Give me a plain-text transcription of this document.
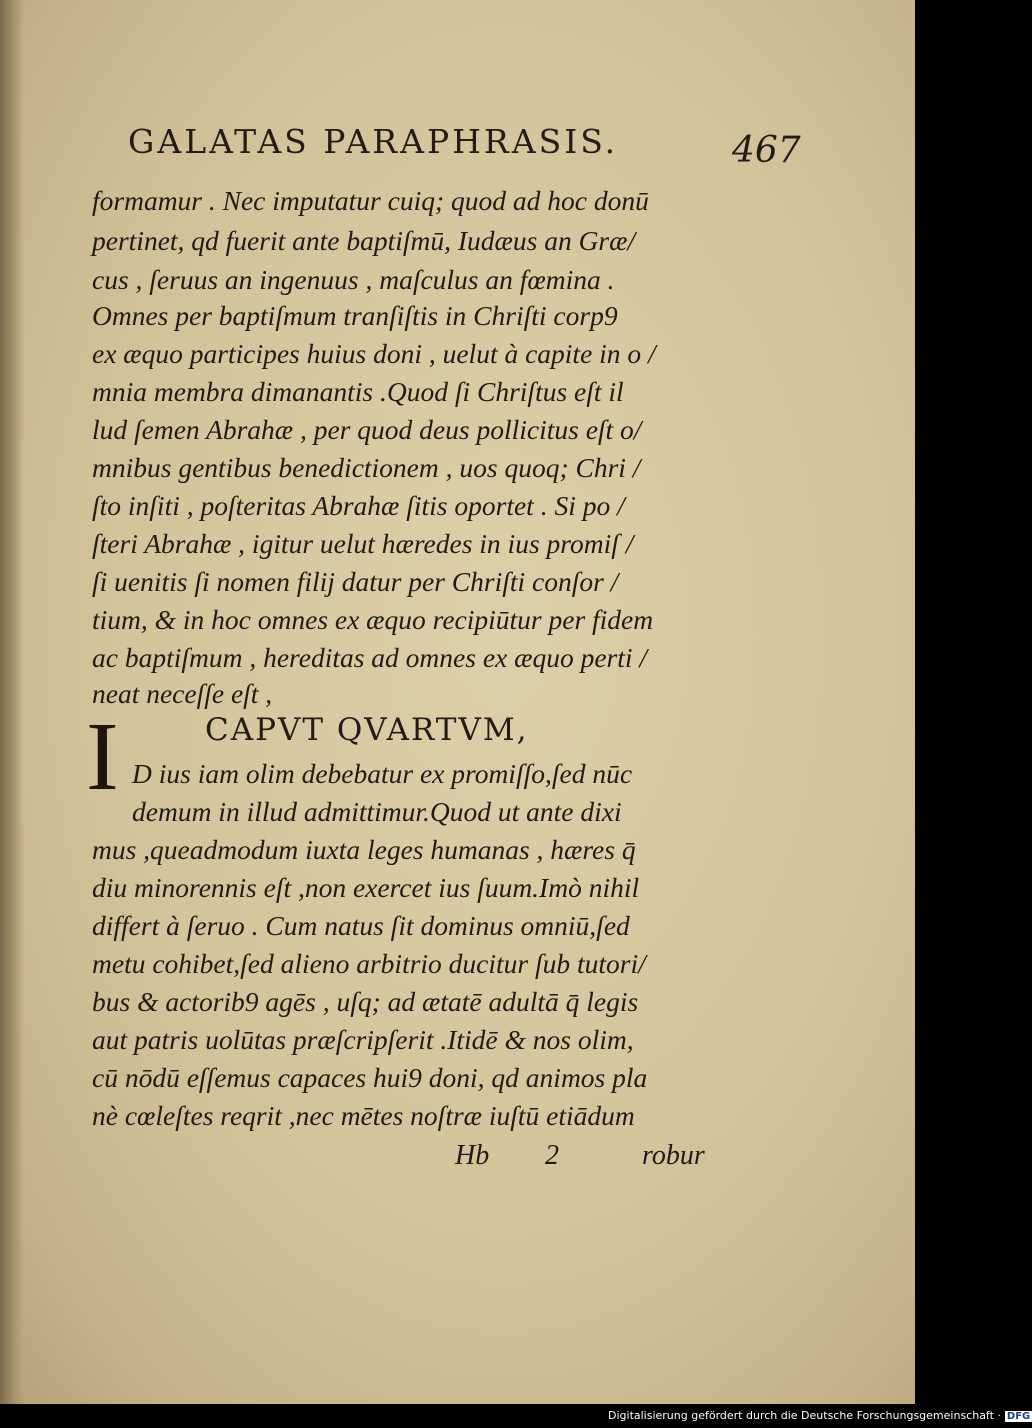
GALATAS PARAPHRASIS.	467
formamur . Nec imputatur cuiq; quod ad hoc donū
pertinet, qd fuerit ante baptiſmū, Iudæus an Græ/
cus , ſeruus an ingenuus , maſculus an fœmina .
Omnes per baptiſmum tranſiſtis in Chriſti corp9
ex æquo participes huius doni , uelut à capite in o /
mnia membra dimanantis .Quod ſi Chriſtus eſt il
lud ſemen Abrahæ , per quod deus pollicitus eſt o/
mnibus gentibus benedictionem , uos quoq; Chri /
ſto inſiti , poſteritas Abrahæ ſitis oportet . Si po /
ſteri Abrahæ , igitur uelut hæredes in ius promiſ /
ſi uenitis ſi nomen filij datur per Chriſti conſor /
tium, & in hoc omnes ex æquo recipiūtur per fidem
ac baptiſmum , hereditas ad omnes ex æquo perti /
neat neceſſe eſt ,
I	CAPVT QVARTVM,
D ius iam olim debebatur ex promiſſo,ſed nūc
demum in illud admittimur.Quod ut ante dixi
mus ,queadmodum iuxta leges humanas , hæres q̄
diu minorennis eſt ,non exercet ius ſuum.Imò nihil
differt à ſeruo . Cum natus ſit dominus omniū,ſed
metu cohibet,ſed alieno arbitrio ducitur ſub tutori/
bus & actorib9 agēs , uſq; ad ætatē adultā q̄ legis
aut patris uolūtas præſcripſerit .Itidē & nos olim,
cū nōdū eſſemus capaces hui9 doni, qd animos pla
nè cœleſtes reqrit ,nec mētes noſtræ iuſtū etiādum
Hb 2	robur
Digitalisierung gefördert durch die Deutsche Forschungsgemeinschaft · DFG
